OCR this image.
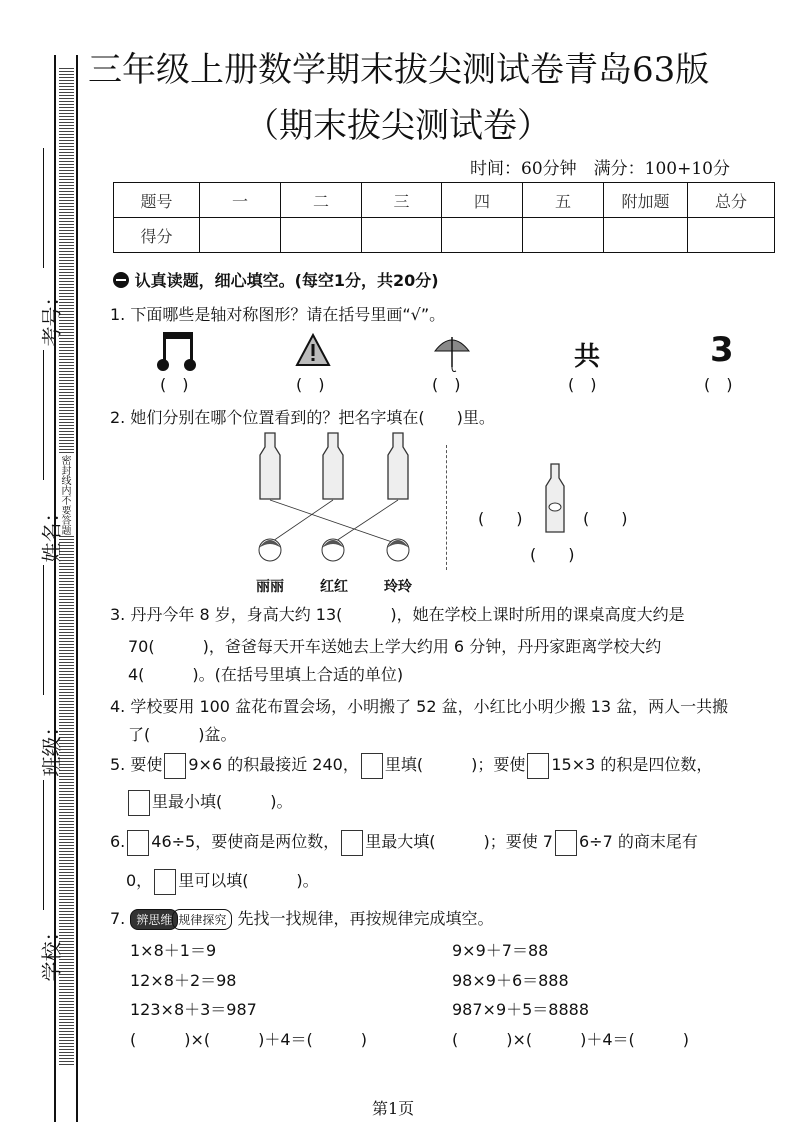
密封线内不要答题
考号：
姓名：
班级：
学校：
三年级上册数学期末拔尖测试卷青岛63版
（期末拔尖测试卷）
时间：60分钟　满分：100+10分
题号	一	二	三	四	五	附加题	总分
得分							
认真读题，细心填空。(每空1分，共20分)
1. 下面哪些是轴对称图形？请在括号里画“√”。
共	3
(　)	(　)	(　)	(　)	(　)
2. 她们分别在哪个位置看到的？把名字填在(　　)里。
丽丽	红红	玲玲
(　　)	(　　)
(　　)
3. 丹丹今年 8 岁，身高大约 13(　　　)，她在学校上课时所用的课桌高度大约是
70(　　　)，爸爸每天开车送她去上学大约用 6 分钟，丹丹家距离学校大约
4(　　　)。(在括号里填上合适的单位)
4. 学校要用 100 盆花布置会场，小明搬了 52 盆，小红比小明少搬 13 盆，两人一共搬
了(　　　)盆。
5. 要使 9×6 的积最接近 240， 里填(　　　)；要使 15×3 的积是四位数，
里最小填(　　　)。
6. 46÷5，要使商是两位数， 里最大填(　　　)；要使 7 6÷7 的商末尾有
0， 里可以填(　　　)。
7. 辨思维 规律探究 先找一找规律，再按规律完成填空。
1×8＋1＝9
12×8＋2＝98
123×8＋3＝987
(　　　)×(　　　)＋4＝(　　　)
9×9＋7＝88
98×9＋6＝888
987×9＋5＝8888
(　　　)×(　　　)＋4＝(　　　)
第1页
